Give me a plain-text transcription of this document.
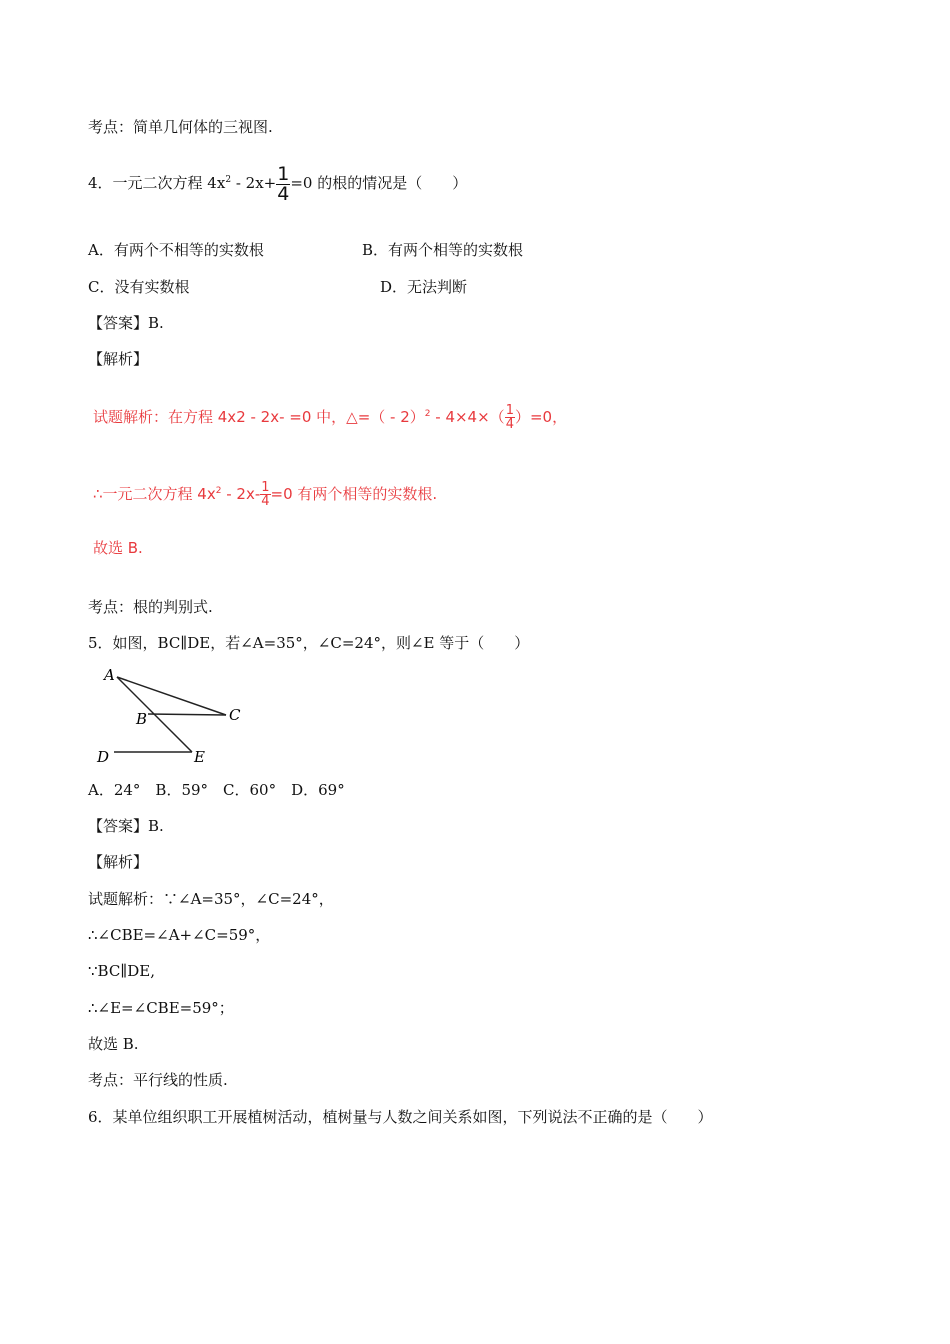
考点：简单几何体的三视图.
4．一元二次方程 $4x^2 - 2x+ \frac{1}{4} =0$ 的根的情况是（　　）
A．有两个不相等的实数根	B．有两个相等的实数根
C．没有实数根	D．无法判断
【答案】B.
【解析】
试题解析：在方程 4x2 - 2x- =0 中，△=（ - $2)^2 - 4\times 4\times( \frac{1}{4} )=0$，
∴一元二次方程 $4x^2 - 2x- \frac{1}{4} =0$ 有两个相等的实数根.
故选 B.
考点：根的判别式.
5．如图，BC∥DE，若∠A=35°，∠C=24°，则∠E 等于（　　）
A
B	C
D	E
A．24°　B．59°　C．60°　D．69°
【答案】B.
【解析】
试题解析：∵∠A=35°，∠C=24°，
∴∠CBE=∠A+∠C=59°，
∵BC∥DE,
∴∠E=∠CBE=59°；
故选 B.
考点：平行线的性质.
6．某单位组织职工开展植树活动，植树量与人数之间关系如图，下列说法不正确的是（　　）
